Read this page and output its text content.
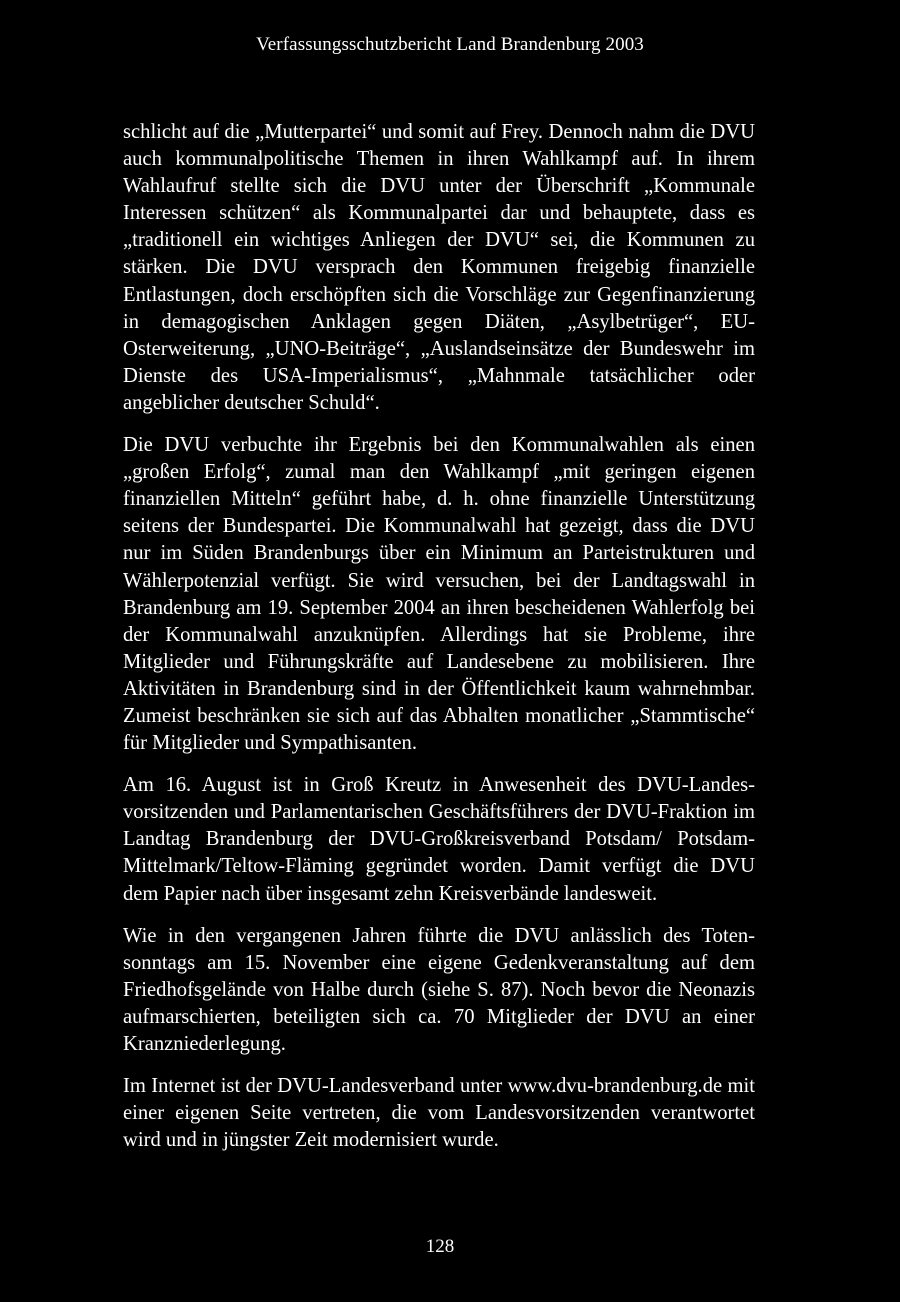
Verfassungsschutzbericht Land Brandenburg 2003

schlicht auf die „Mutterpartei“ und somit auf Frey. Dennoch nahm die DVU auch kommunalpolitische Themen in ihren Wahlkampf auf. In ihrem Wahlaufruf stellte sich die DVU unter der Überschrift „Kommunale Interessen schützen“ als Kommunalpartei dar und behauptete, dass es „traditionell ein wichtiges Anliegen der DVU“ sei, die Kommunen zu stärken. Die DVU versprach den Kommunen freigebig finanzielle Entlastungen, doch erschöpften sich die Vorschläge zur Gegenfinanzierung in demagogischen Anklagen gegen Diäten, „Asylbetrüger“, EU-Osterweiterung, „UNO-Beiträge“, „Auslandseinsätze der Bundeswehr im Dienste des USA-Imperialismus“, „Mahnmale tatsächlicher oder angeblicher deutscher Schuld“.

Die DVU verbuchte ihr Ergebnis bei den Kommunalwahlen als einen „großen Erfolg“, zumal man den Wahlkampf „mit geringen eigenen finanziellen Mitteln“ geführt habe, d. h. ohne finanzielle Unterstützung seitens der Bundespartei. Die Kommunalwahl hat gezeigt, dass die DVU nur im Süden Brandenburgs über ein Minimum an Parteistrukturen und Wählerpotenzial verfügt. Sie wird versuchen, bei der Landtagswahl in Brandenburg am 19. September 2004 an ihren bescheidenen Wahlerfolg bei der Kommunalwahl anzuknüpfen. Allerdings hat sie Probleme, ihre Mitglieder und Führungskräfte auf Landesebene zu mobilisieren. Ihre Aktivitäten in Brandenburg sind in der Öffentlichkeit kaum wahrnehmbar. Zumeist beschränken sie sich auf das Abhalten monatlicher „Stammtische“ für Mitglieder und Sympathisanten.

Am 16. August ist in Groß Kreutz in Anwesenheit des DVU-Landesvorsitzenden und Parlamentarischen Geschäftsführers der DVU-Fraktion im Landtag Brandenburg der DVU-Großkreisverband Potsdam/ Potsdam-Mittelmark/Teltow-Fläming gegründet worden. Damit verfügt die DVU dem Papier nach über insgesamt zehn Kreisverbände landesweit.

Wie in den vergangenen Jahren führte die DVU anlässlich des Totensonntags am 15. November eine eigene Gedenkveranstaltung auf dem Friedhofsgelände von Halbe durch (siehe S. 87). Noch bevor die Neonazis aufmarschierten, beteiligten sich ca. 70 Mitglieder der DVU an einer Kranzniederlegung.

Im Internet ist der DVU-Landesverband unter www.dvu-brandenburg.de mit einer eigenen Seite vertreten, die vom Landesvorsitzenden verantwortet wird und in jüngster Zeit modernisiert wurde.

128
